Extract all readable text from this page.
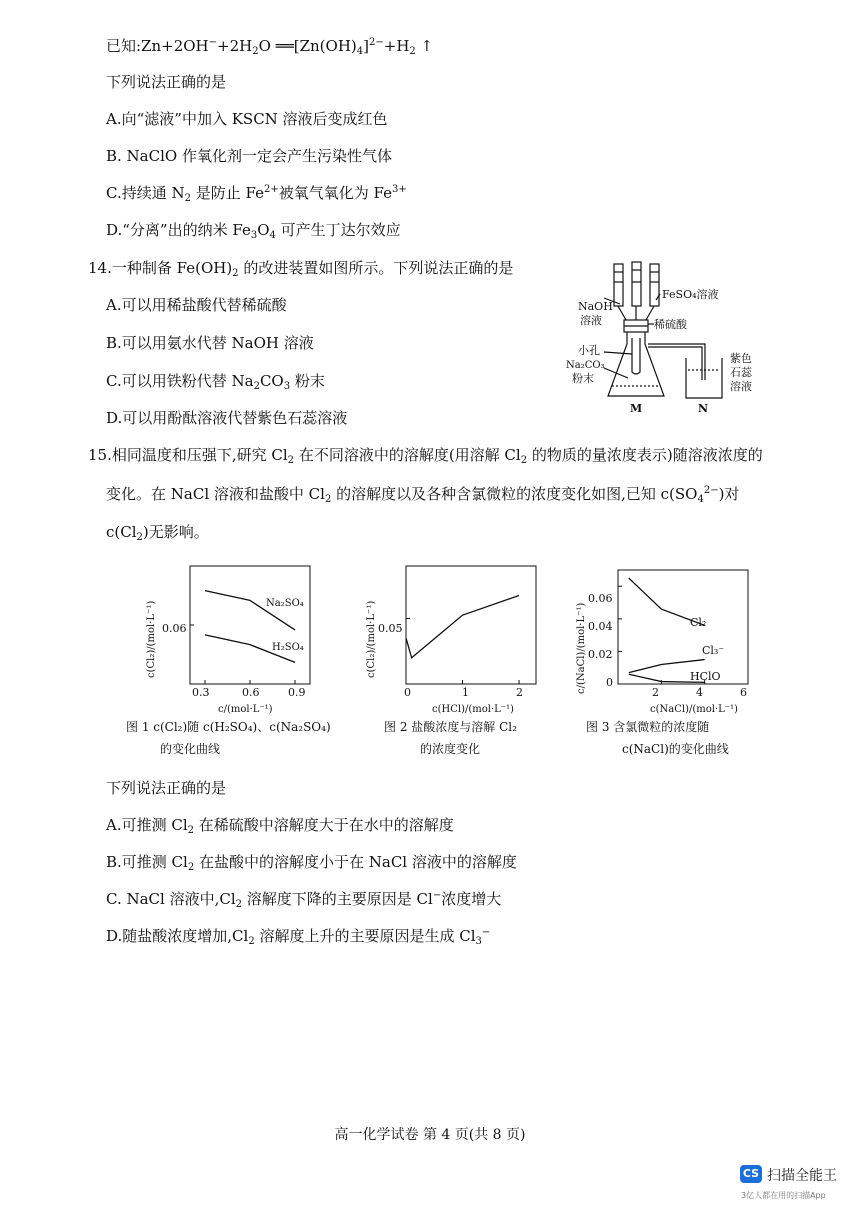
已知$:Zn+2OH^-+2H_2O$ $══[Zn(OH)_4]^{2-}+H_2$ ↑
下列说法正确的是
A.向“滤液”中加入 KSCN 溶液后变成红色
B. NaClO 作氧化剂一定会产生污染性气体
C.持续通 $N_2$ 是防止 $Fe^{2+}$被氧气氧化为 $Fe^{3+}$
D.“分离”出的纳米 $Fe_3O_4$ 可产生丁达尔效应
14.一种制备 $Fe(OH)_2$ 的改进装置如图所示。下列说法正确的是
A.可以用稀盐酸代替稀硫酸
B.可以用氨水代替 NaOH 溶液
C.可以用铁粉代替 $Na_2CO_3$ 粉末
D.可以用酚酞溶液代替紫色石蕊溶液
NaOH
溶液
FeSO₄溶液
稀硫酸
小孔
Na₂CO₃
粉末
紫色
石蕊
溶液
M	N
15.相同温度和压强下,研究 $Cl_2$ 在不同溶液中的溶解度(用溶解 $Cl_2$ 的物质的量浓度表示)随溶液浓度的
变化。在 NaCl 溶液和盐酸中 $Cl_2$ 的溶解度以及各种含氯微粒的浓度变化如图,已知 $c(SO_4^{2-})$对
$c(Cl_2)$无影响。
c(Cl₂)/(mol·L⁻¹) 0.06
0.3	0.6	0.9
c/(mol·L⁻¹)
Na₂SO₄
H₂SO₄	c(Cl₂)/(mol·L⁻¹) 0.05
0	1	2
c(HCl)/(mol·L⁻¹)
c/(NaCl)/(mol·L⁻¹)
0.06
0.04
0.02
0
2	4	6
c(NaCl)/(mol·L⁻¹)
Cl₂
Cl₃⁻
HClO
图 1 c(Cl₂)随 c(H₂SO₄)、c(Na₂SO₄)
的变化曲线
图 2 盐酸浓度与溶解 Cl₂
的浓度变化
图 3 含氯微粒的浓度随
c(NaCl)的变化曲线
下列说法正确的是
A.可推测 $Cl_2$ 在稀硫酸中溶解度大于在水中的溶解度
B.可推测 $Cl_2$ 在盐酸中的溶解度小于在 NaCl 溶液中的溶解度
C. NaCl 溶液中$,Cl_2$ 溶解度下降的主要原因是 Cl−浓度增大
D.随盐酸浓度增加$,Cl_2$ 溶解度上升的主要原因是生成 $Cl_3^-$
高一化学试卷 第 4 页(共 8 页)
CS 扫描全能王
3亿人都在用的扫描App
